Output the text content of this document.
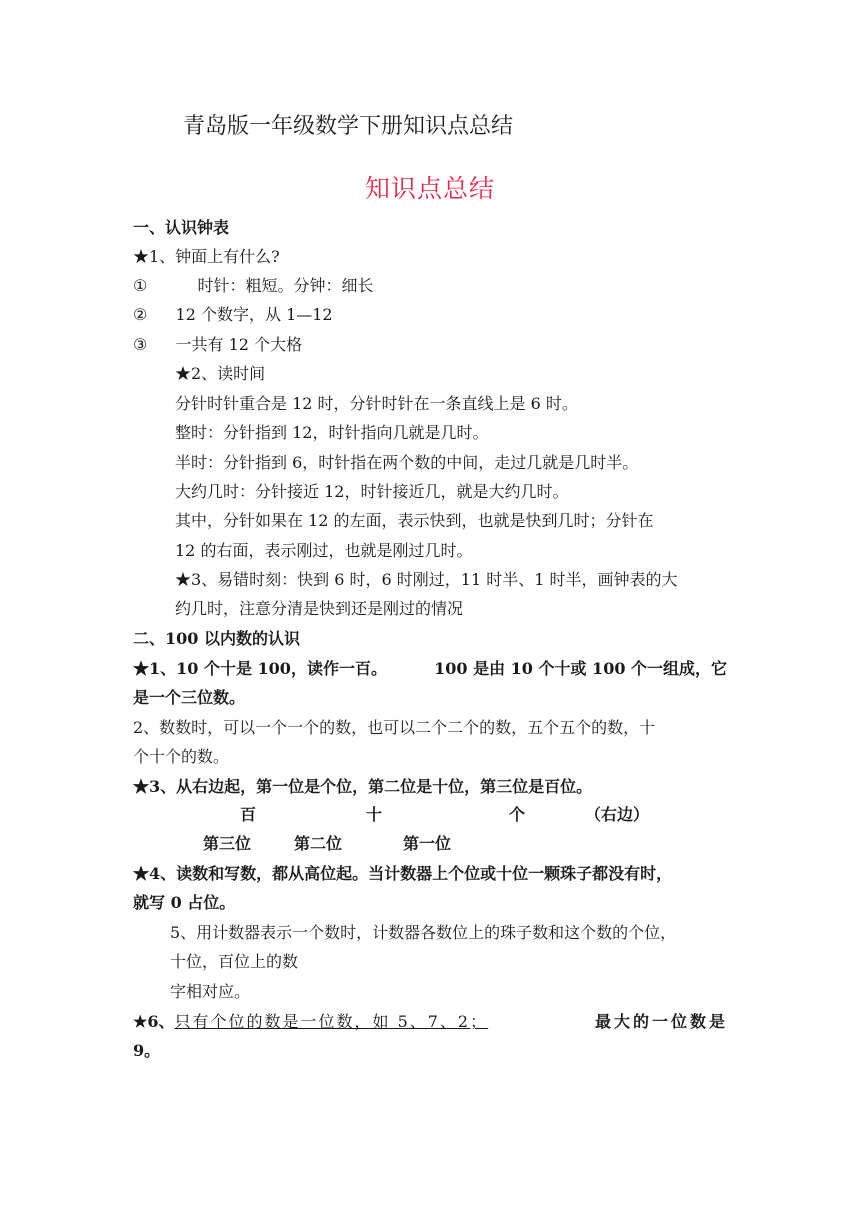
青岛版一年级数学下册知识点总结
知识点总结
一、认识钟表
★1、钟面上有什么?
①	时针：粗短。分钟：细长
② 12 个数字，从 1—12
③ 一共有 12 个大格
★2、读时间
分针时针重合是 12 时，分针时针在一条直线上是 6 时。
整时：分针指到 12，时针指向几就是几时。
半时：分针指到 6，时针指在两个数的中间，走过几就是几时半。
大约几时：分针接近 12，时针接近几，就是大约几时。
其中，分针如果在 12 的左面，表示快到，也就是快到几时；分针在
12 的右面，表示刚过，也就是刚过几时。
★3、易错时刻：快到 6 时，6 时刚过，11 时半、1 时半，画钟表的大
约几时，注意分清是快到还是刚过的情况
二、100 以内数的认识
★1、10 个十是 100，读作一百。	100 是由 10 个十或 100 个一组成，它
是一个三位数。
2、数数时，可以一个一个的数，也可以二个二个的数，五个五个的数，十
个十个的数。
★3、从右边起，第一位是个位，第二位是十位，第三位是百位。
百	十	个	（右边）
第三位	第二位	第一位
★4、读数和写数，都从高位起。当计数器上个位或十位一颗珠子都没有时，
就写 0 占位。
5、用计数器表示一个数时，计数器各数位上的珠子数和这个数的个位，
十位，百位上的数
字相对应。
★6、只有个位的数是一位数，如 5、7、2；	最大的一位数是
9。
